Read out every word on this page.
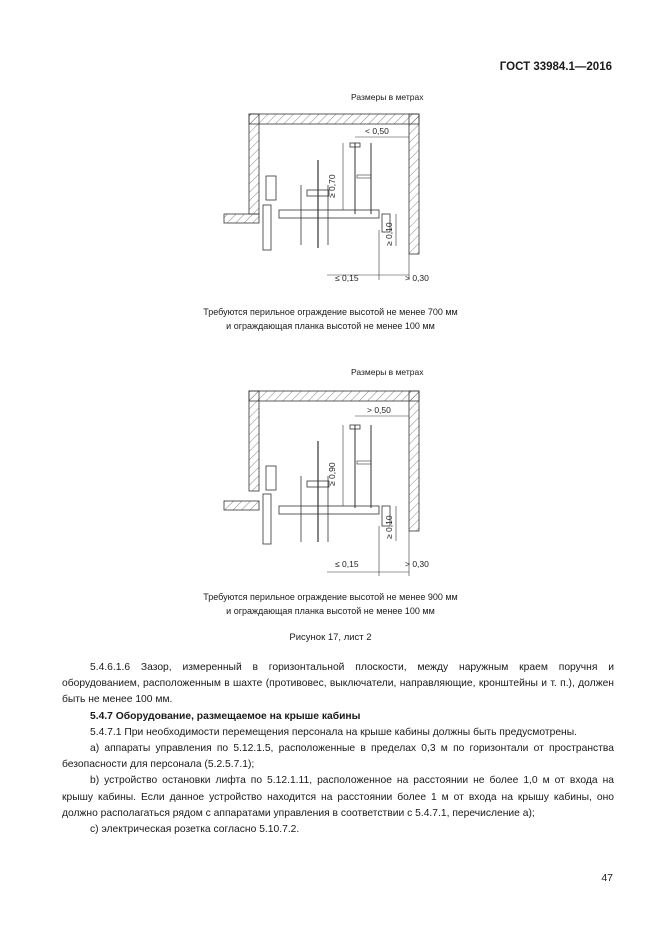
ГОСТ 33984.1—2016
Размеры в метрах
< 0,50
≥ 0,70
≥ 0,10
≤ 0,15	> 0,30
Требуются перильное ограждение высотой не менее 700 мм
и ограждающая планка высотой не менее 100 мм
Размеры в метрах
> 0,50
≥ 0,90
≥ 0,10
≤ 0,15	> 0,30
Требуются перильное ограждение высотой не менее 900 мм
и ограждающая планка высотой не менее 100 мм
Рисунок 17, лист 2

5.4.6.1.6 Зазор, измеренный в горизонтальной плоскости, между наружным краем поручня и оборудованием, расположенным в шахте (противовес, выключатели, направляющие, кронштейны и т. п.), должен быть не менее 100 мм.

5.4.7 Оборудование, размещаемое на крыше кабины

5.4.7.1 При необходимости перемещения персонала на крыше кабины должны быть предусмотрены.

а) аппараты управления по 5.12.1.5, расположенные в пределах 0,3 м по горизонтали от пространства безопасности для персонала (5.2.5.7.1);

b) устройство остановки лифта по 5.12.1.11, расположенное на расстоянии не более 1,0 м от входа на крышу кабины. Если данное устройство находится на расстоянии более 1 м от входа на крышу кабины, оно должно располагаться рядом с аппаратами управления в соответствии с 5.4.7.1, перечисление а);

с) электрическая розетка согласно 5.10.7.2.

47
